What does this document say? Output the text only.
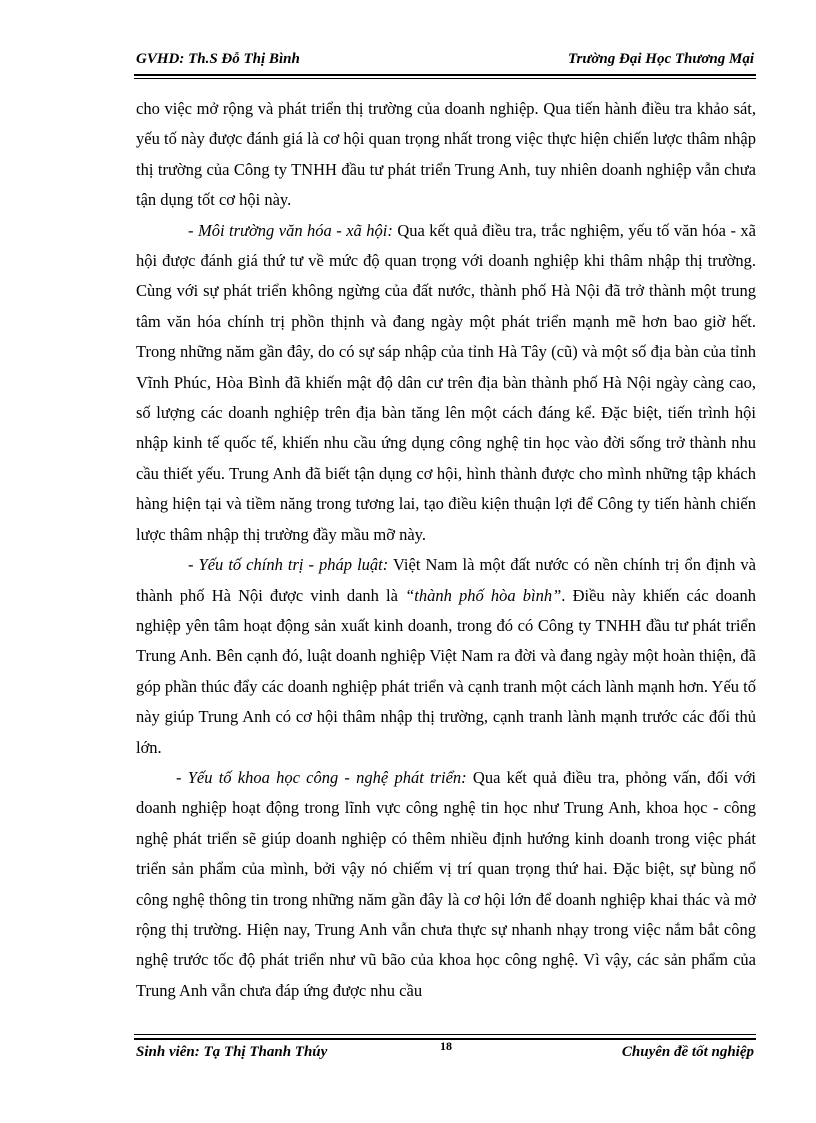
GVHD: Th.S Đỗ Thị Bình	Trường Đại Học Thương Mại

cho việc mở rộng và phát triển thị trường của doanh nghiệp. Qua tiến hành điều tra khảo sát, yếu tố này được đánh giá là cơ hội quan trọng nhất trong việc thực hiện chiến lược thâm nhập thị trường của Công ty TNHH đầu tư phát triển Trung Anh, tuy nhiên doanh nghiệp vẫn chưa tận dụng tốt cơ hội này.

- Môi trường văn hóa - xã hội: Qua kết quả điều tra, trắc nghiệm, yếu tố văn hóa - xã hội được đánh giá thứ tư về mức độ quan trọng với doanh nghiệp khi thâm nhập thị trường. Cùng với sự phát triển không ngừng của đất nước, thành phố Hà Nội đã trở thành một trung tâm văn hóa chính trị phồn thịnh và đang ngày một phát triển mạnh mẽ hơn bao giờ hết. Trong những năm gần đây, do có sự sáp nhập của tỉnh Hà Tây (cũ) và một số địa bàn của tỉnh Vĩnh Phúc, Hòa Bình đã khiến mật độ dân cư trên địa bàn thành phố Hà Nội ngày càng cao, số lượng các doanh nghiệp trên địa bàn tăng lên một cách đáng kể. Đặc biệt, tiến trình hội nhập kinh tế quốc tế, khiến nhu cầu ứng dụng công nghệ tin học vào đời sống trở thành nhu cầu thiết yếu. Trung Anh đã biết tận dụng cơ hội, hình thành được cho mình những tập khách hàng hiện tại và tiềm năng trong tương lai, tạo điều kiện thuận lợi để Công ty tiến hành chiến lược thâm nhập thị trường đầy mầu mỡ này.

- Yếu tố chính trị - pháp luật: Việt Nam là một đất nước có nền chính trị ổn định và thành phố Hà Nội được vinh danh là “thành phố hòa bình”. Điều này khiến các doanh nghiệp yên tâm hoạt động sản xuất kinh doanh, trong đó có Công ty TNHH đầu tư phát triển Trung Anh. Bên cạnh đó, luật doanh nghiệp Việt Nam ra đời và đang ngày một hoàn thiện, đã góp phần thúc đẩy các doanh nghiệp phát triển và cạnh tranh một cách lành mạnh hơn. Yếu tố này giúp Trung Anh có cơ hội thâm nhập thị trường, cạnh tranh lành mạnh trước các đối thủ lớn.

- Yếu tố khoa học công - nghệ phát triển: Qua kết quả điều tra, phỏng vấn, đối với doanh nghiệp hoạt động trong lĩnh vực công nghệ tin học như Trung Anh, khoa học - công nghệ phát triển sẽ giúp doanh nghiệp có thêm nhiều định hướng kinh doanh trong việc phát triển sản phẩm của mình, bởi vậy nó chiếm vị trí quan trọng thứ hai. Đặc biệt, sự bùng nổ công nghệ thông tin trong những năm gần đây là cơ hội lớn để doanh nghiệp khai thác và mở rộng thị trường. Hiện nay, Trung Anh vẫn chưa thực sự nhanh nhạy trong việc nắm bắt công nghệ trước tốc độ phát triển như vũ bão của khoa học công nghệ. Vì vậy, các sản phẩm của Trung Anh vẫn chưa đáp ứng được nhu cầu

Sinh viên: Tạ Thị Thanh Thúy	18	Chuyên đề tốt nghiệp
